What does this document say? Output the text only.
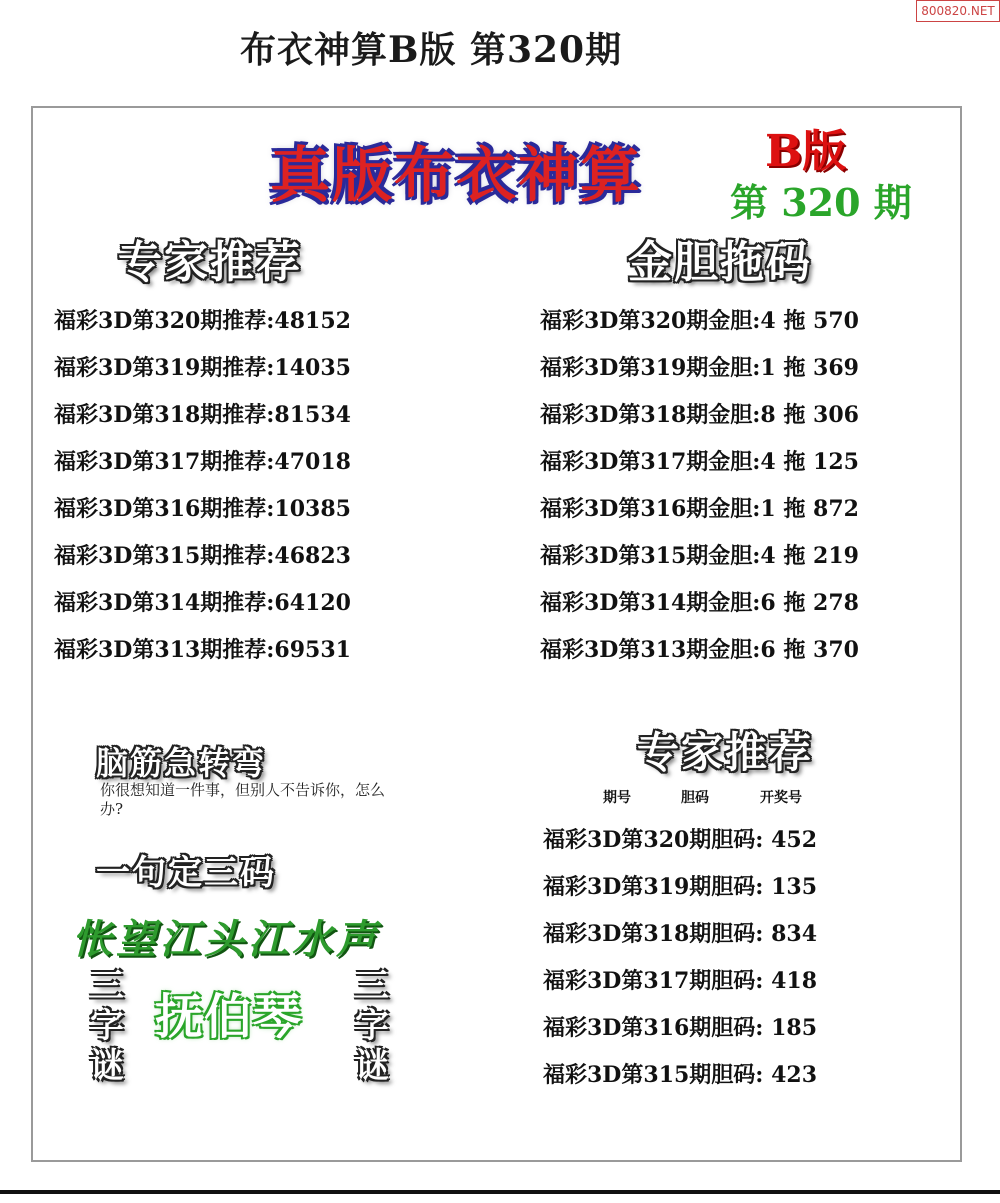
布衣神算B版 第320期
800820.NET
真版布衣神算	B版
第 320 期
专家推荐
福彩3D第320期推荐:48152
福彩3D第319期推荐:14035
福彩3D第318期推荐:81534
福彩3D第317期推荐:47018
福彩3D第316期推荐:10385
福彩3D第315期推荐:46823
福彩3D第314期推荐:64120
福彩3D第313期推荐:69531
金胆拖码
福彩3D第320期金胆:4 拖 570
福彩3D第319期金胆:1 拖 369
福彩3D第318期金胆:8 拖 306
福彩3D第317期金胆:4 拖 125
福彩3D第316期金胆:1 拖 872
福彩3D第315期金胆:4 拖 219
福彩3D第314期金胆:6 拖 278
福彩3D第313期金胆:6 拖 370
脑筋急转弯
你很想知道一件事，但别人不告诉你，怎么办?
专家推荐
期号	胆码	开奖号
福彩3D第320期胆码: 452
福彩3D第319期胆码: 135
福彩3D第318期胆码: 834
福彩3D第317期胆码: 418
福彩3D第316期胆码: 185
福彩3D第315期胆码: 423
一句定三码
怅望江头江水声
三字谜
抚伯琴
三字谜
